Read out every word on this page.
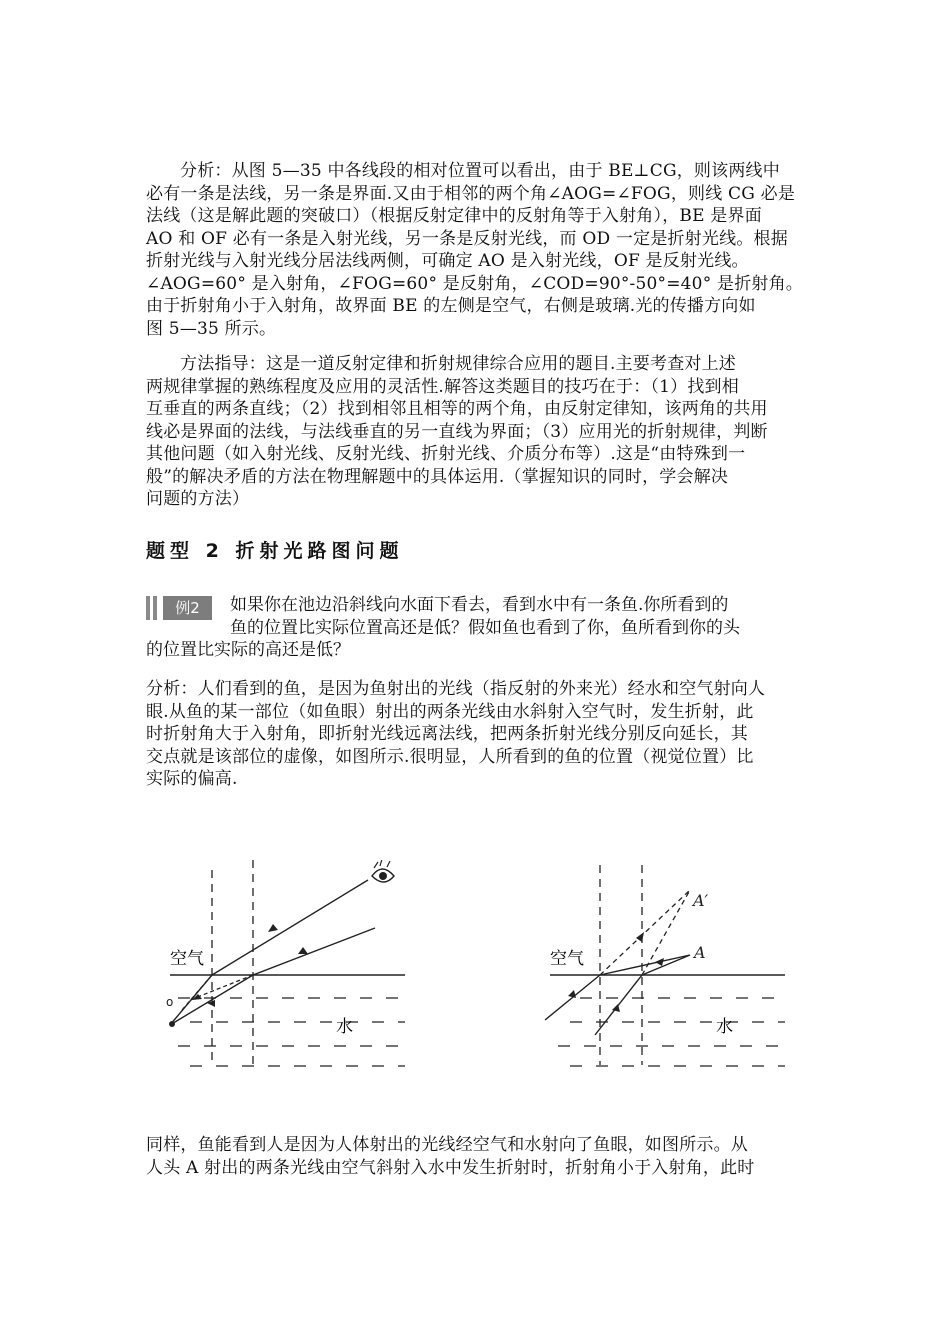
分析：从图 5—35 中各线段的相对位置可以看出，由于 BE⊥CG，则该两线中
必有一条是法线，另一条是界面.又由于相邻的两个角∠AOG=∠FOG，则线 CG 必是
法线（这是解此题的突破口）（根据反射定律中的反射角等于入射角），BE 是界面
AO 和 OF 必有一条是入射光线，另一条是反射光线，而 OD 一定是折射光线。根据
折射光线与入射光线分居法线两侧，可确定 AO 是入射光线，OF 是反射光线。
∠AOG=60° 是入射角，∠FOG=60° 是反射角，∠COD=90°-50°=40° 是折射角。
由于折射角小于入射角，故界面 BE 的左侧是空气，右侧是玻璃.光的传播方向如
图 5—35 所示。
方法指导：这是一道反射定律和折射规律综合应用的题目.主要考查对上述
两规律掌握的熟练程度及应用的灵活性.解答这类题目的技巧在于：（1）找到相
互垂直的两条直线；（2）找到相邻且相等的两个角，由反射定律知，该两角的共用
线必是界面的法线，与法线垂直的另一直线为界面；（3）应用光的折射规律，判断
其他问题（如入射光线、反射光线、折射光线、介质分布等）.这是“由特殊到一
般”的解决矛盾的方法在物理解题中的具体运用.（掌握知识的同时，学会解决
问题的方法）
题型 2 折射光路图问题
例2	如果你在池边沿斜线向水面下看去，看到水中有一条鱼.你所看到的
鱼的位置比实际位置高还是低？假如鱼也看到了你，鱼所看到你的头
的位置比实际的高还是低？
分析：人们看到的鱼，是因为鱼射出的光线（指反射的外来光）经水和空气射向人
眼.从鱼的某一部位（如鱼眼）射出的两条光线由水斜射入空气时，发生折射，此
时折射角大于入射角，即折射光线远离法线，把两条折射光线分别反向延长，其
交点就是该部位的虚像，如图所示.很明显，人所看到的鱼的位置（视觉位置）比
实际的偏高.
o
空气
水
A′
A
空气
水
同样，鱼能看到人是因为人体射出的光线经空气和水射向了鱼眼，如图所示。从
人头 A 射出的两条光线由空气斜射入水中发生折射时，折射角小于入射角，此时
